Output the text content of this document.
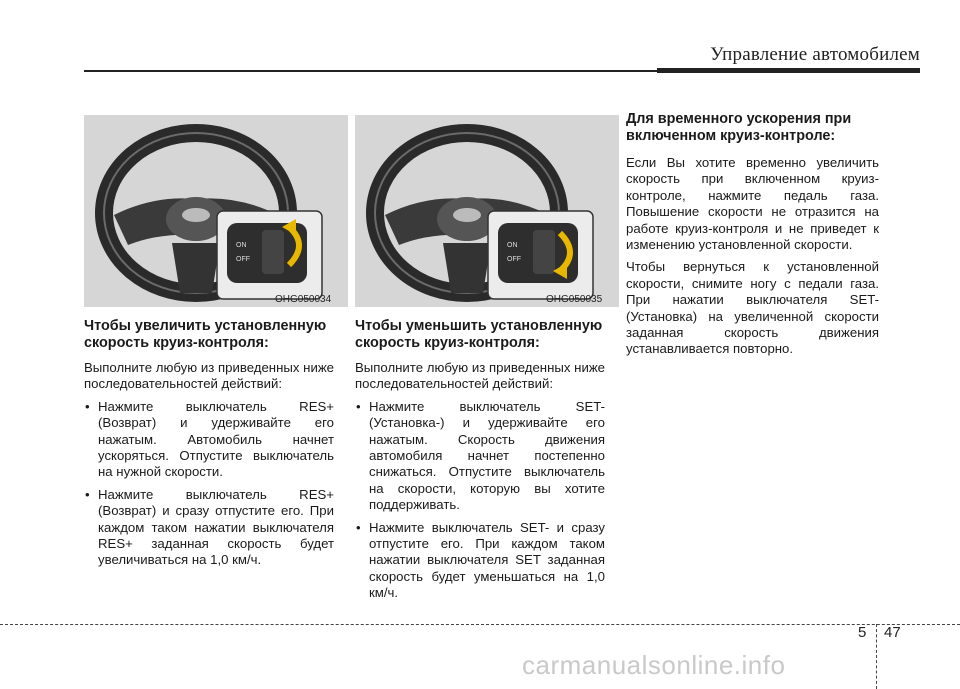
Управление автомобилем
ON
OFF
OHG050034
ON
OFF
OHG050035
Чтобы увеличить установленную скорость круиз-контроля:

Выполните любую из приведенных ниже последовательностей действий:

• Нажмите выключатель RES+ (Возврат) и удерживайте его нажатым. Автомобиль начнет ускоряться. Отпустите выключатель на нужной скорости.
• Нажмите выключатель RES+ (Возврат) и сразу отпустите его. При каждом таком нажатии выключателя RES+ заданная скорость будет увеличиваться на 1,0 км/ч.
Чтобы уменьшить установленную скорость круиз-контроля:

Выполните любую из приведенных ниже последовательностей действий:

• Нажмите выключатель SET- (Установка-) и удерживайте его нажатым. Скорость движения автомобиля начнет постепенно снижаться. Отпустите выключатель на скорости, которую вы хотите поддерживать.
• Нажмите выключатель SET- и сразу отпустите его. При каждом таком нажатии выключателя SET заданная скорость будет уменьшаться на 1,0 км/ч.
Для временного ускорения при включенном круиз-контроле:

Если Вы хотите временно увеличить скорость при включенном круиз-контроле, нажмите педаль газа. Повышение скорости не отразится на работе круиз-контроля и не приведет к изменению установленной скорости.

Чтобы вернуться к установленной скорости, снимите ногу с педали газа. При нажатии выключателя SET- (Установка) на увеличенной скорости заданная скорость движения устанавливается повторно.

5 47
carmanualsonline.info
